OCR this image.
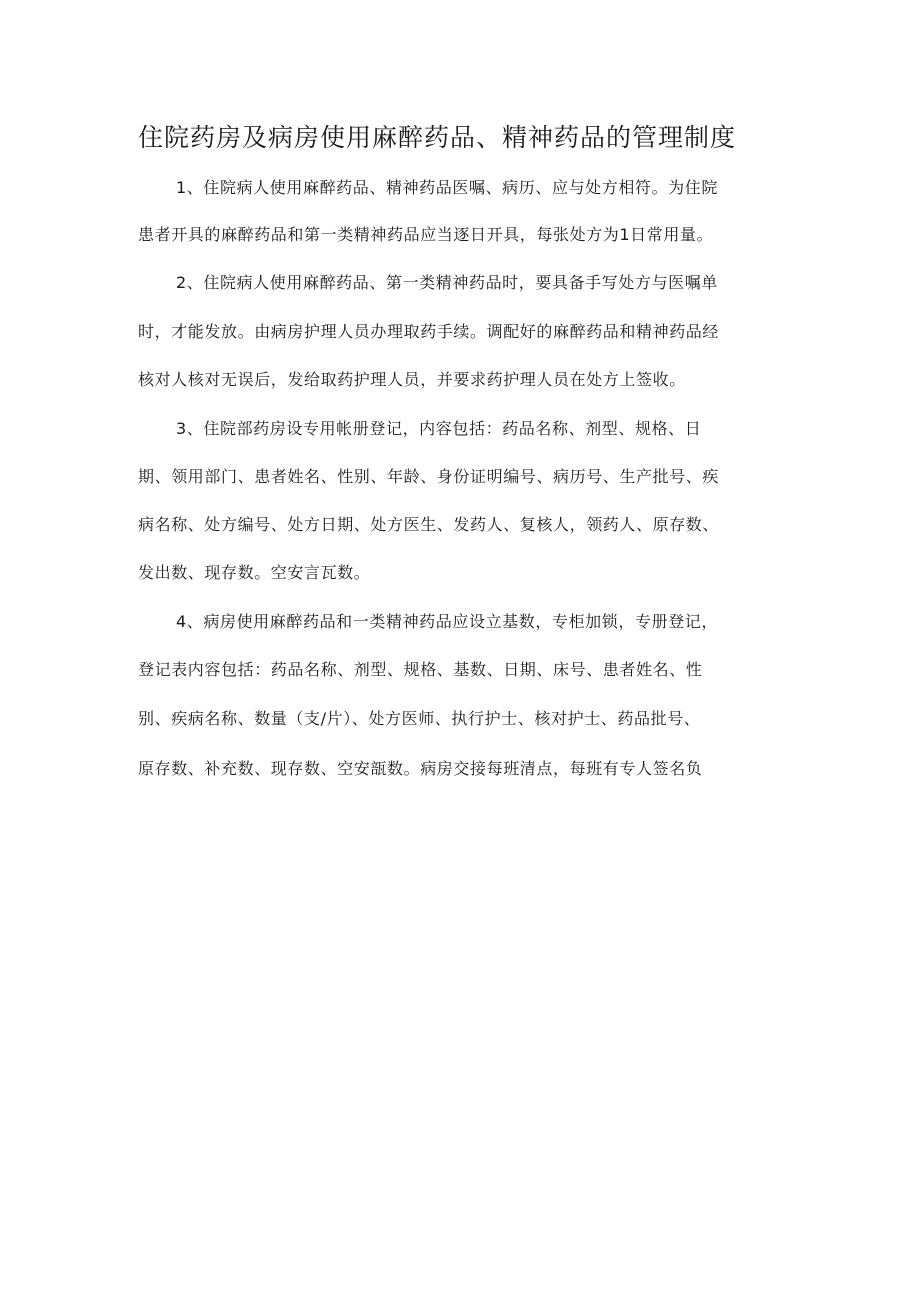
住院药房及病房使用麻醉药品、精神药品的管理制度

1、住院病人使用麻醉药品、精神药品医嘱、病历、应与处方相符。为住院

患者开具的麻醉药品和第一类精神药品应当逐日开具，每张处方为1日常用量。

2、住院病人使用麻醉药品、第一类精神药品时，要具备手写处方与医嘱单

时，才能发放。由病房护理人员办理取药手续。调配好的麻醉药品和精神药品经

核对人核对无误后，发给取药护理人员，并要求药护理人员在处方上签收。

3、住院部药房设专用帐册登记，内容包括：药品名称、剂型、规格、日

期、领用部门、患者姓名、性别、年龄、身份证明编号、病历号、生产批号、疾

病名称、处方编号、处方日期、处方医生、发药人、复核人，领药人、原存数、

发出数、现存数。空安言瓦数。

4、病房使用麻醉药品和一类精神药品应设立基数，专柜加锁，专册登记，

登记表内容包括：药品名称、剂型、规格、基数、日期、床号、患者姓名、性

别、疾病名称、数量（支/片）、处方医师、执行护士、核对护士、药品批号、

原存数、补充数、现存数、空安瓿数。病房交接每班清点，每班有专人签名负
